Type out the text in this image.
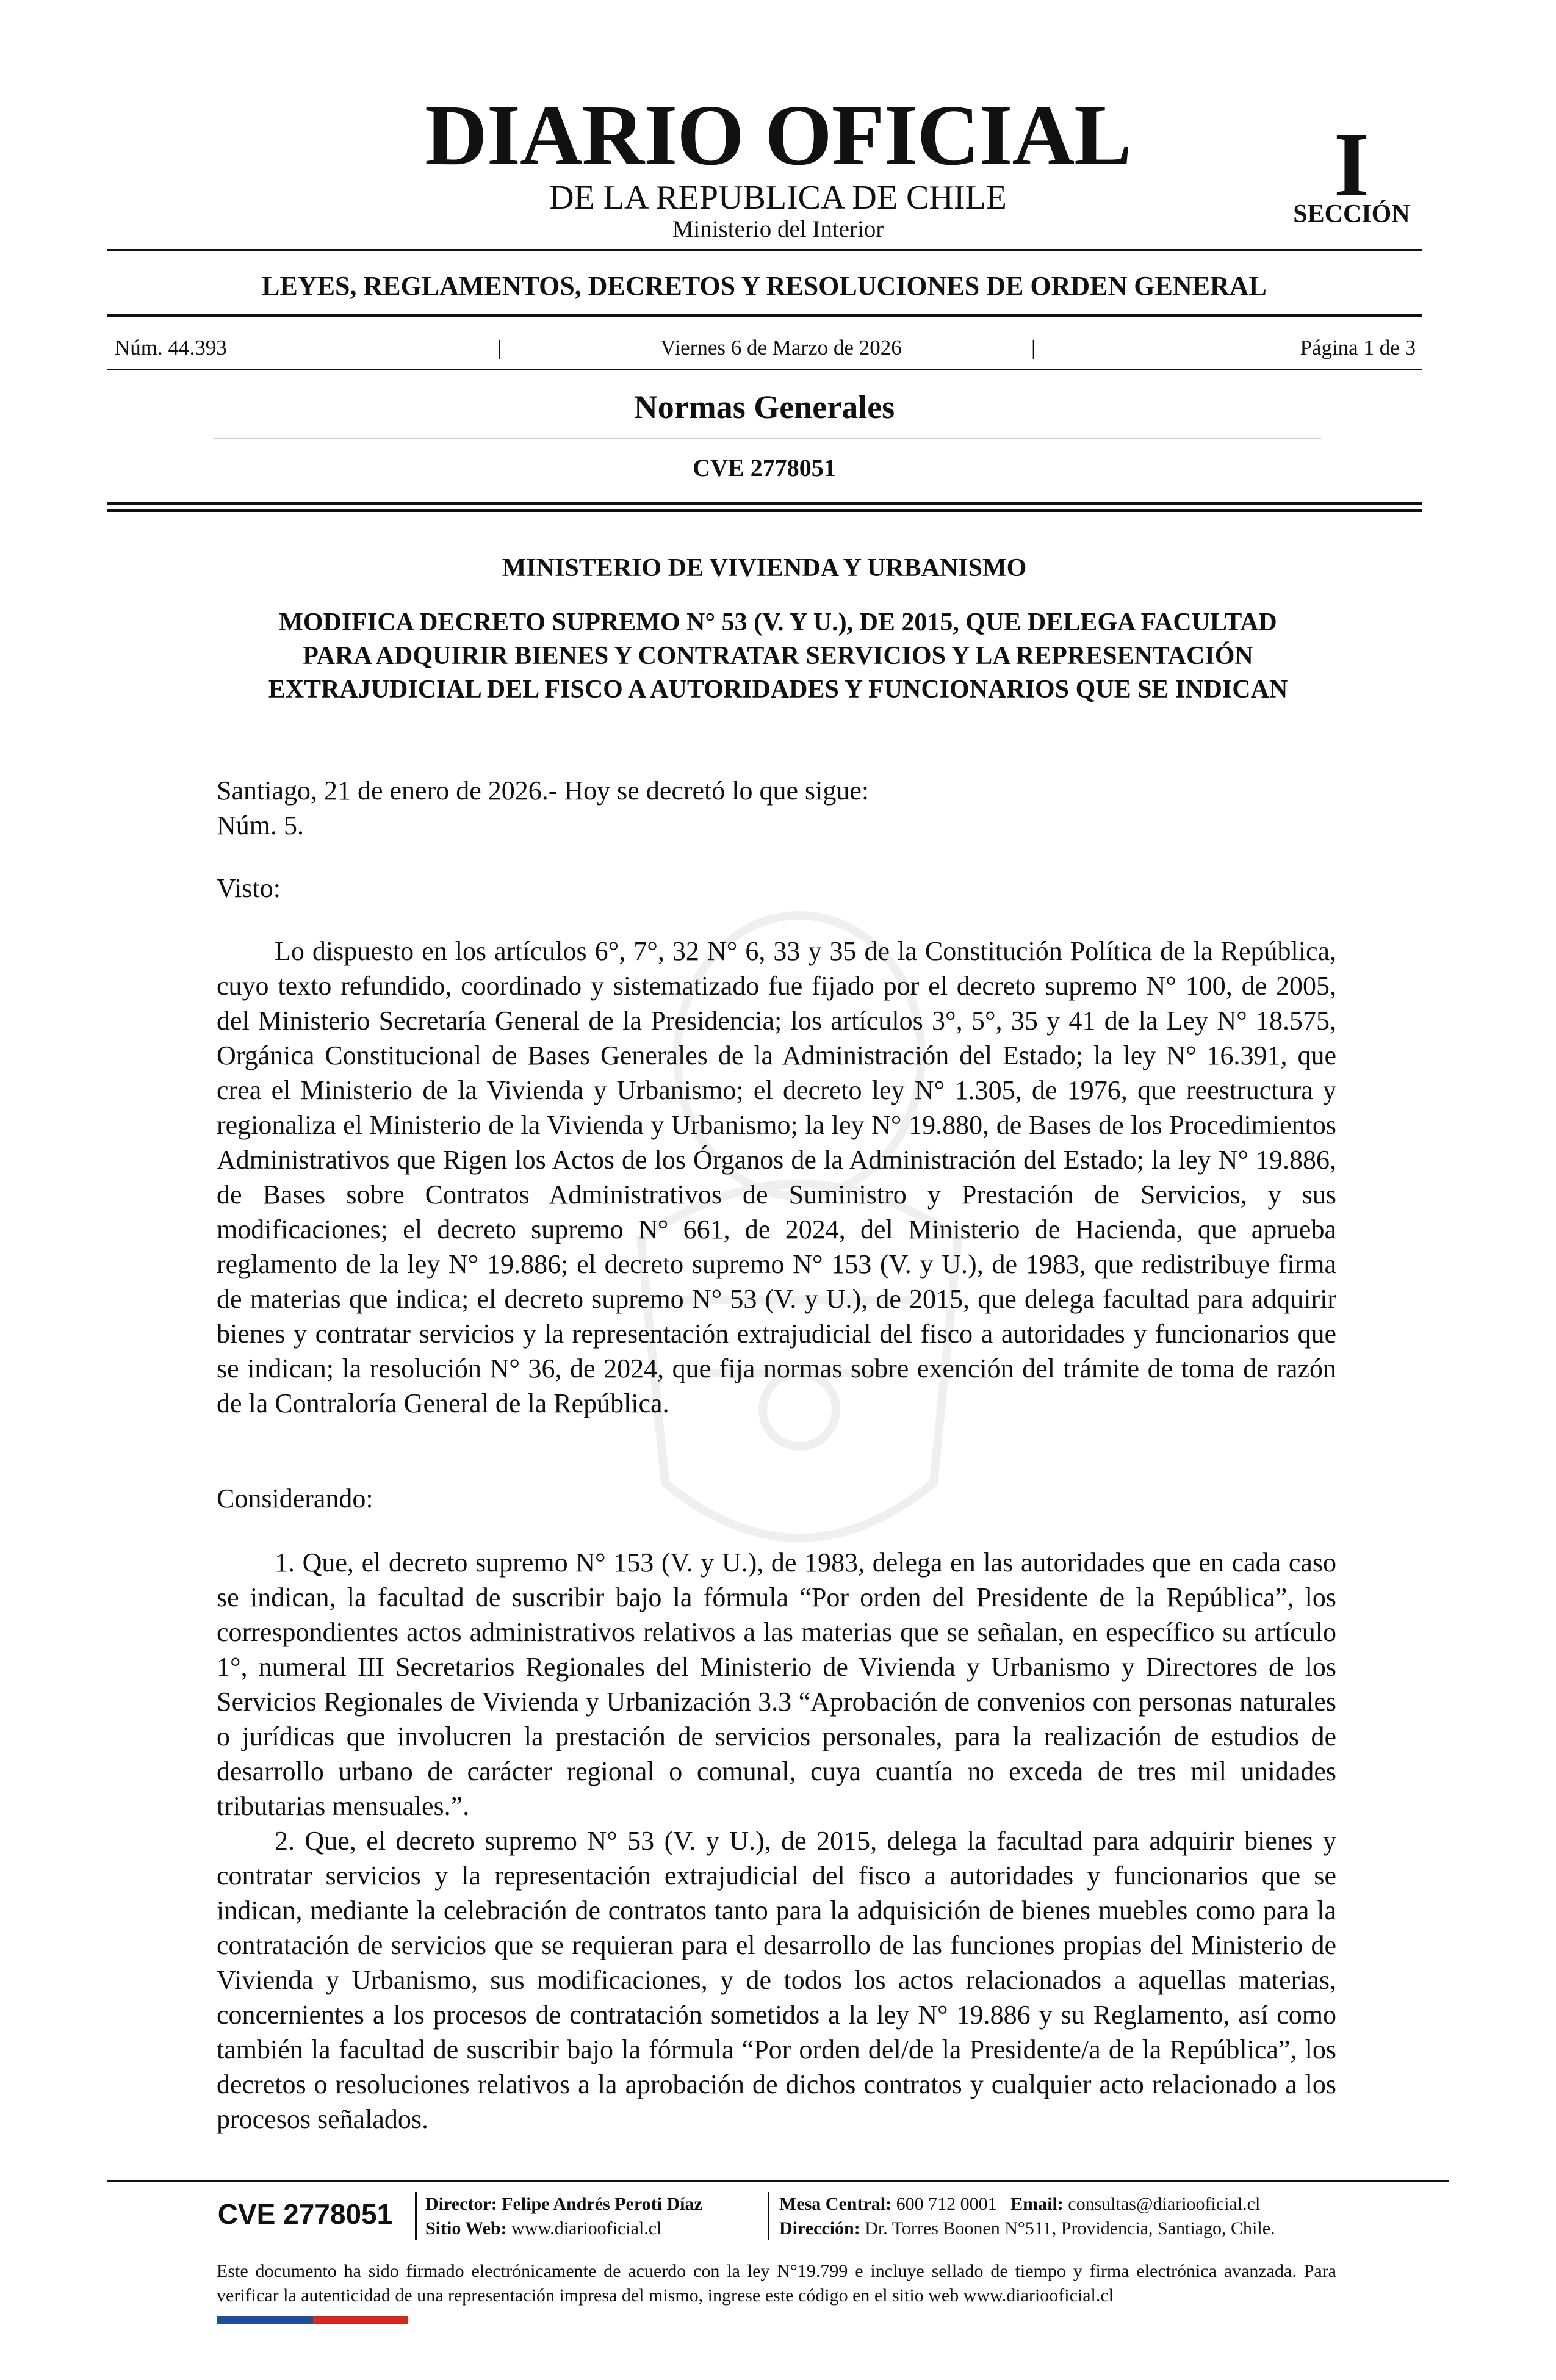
DIARIO OFICIAL
DE LA REPUBLICA DE CHILE
Ministerio del Interior
I
SECCIÓN
LEYES, REGLAMENTOS, DECRETOS Y RESOLUCIONES DE ORDEN GENERAL
Núm. 44.393	|	Viernes 6 de Marzo de 2026	|	Página 1 de 3
Normas Generales
CVE 2778051
MINISTERIO DE VIVIENDA Y URBANISMO
MODIFICA DECRETO SUPREMO N° 53 (V. Y U.), DE 2015, QUE DELEGA FACULTAD PARA ADQUIRIR BIENES Y CONTRATAR SERVICIOS Y LA REPRESENTACIÓN EXTRAJUDICIAL DEL FISCO A AUTORIDADES Y FUNCIONARIOS QUE SE INDICAN
Santiago, 21 de enero de 2026.- Hoy se decretó lo que sigue:
Núm. 5.
Visto:

Lo dispuesto en los artículos 6°, 7°, 32 N° 6, 33 y 35 de la Constitución Política de la República, cuyo texto refundido, coordinado y sistematizado fue fijado por el decreto supremo N° 100, de 2005, del Ministerio Secretaría General de la Presidencia; los artículos 3°, 5°, 35 y 41 de la Ley N° 18.575, Orgánica Constitucional de Bases Generales de la Administración del Estado; la ley N° 16.391, que crea el Ministerio de la Vivienda y Urbanismo; el decreto ley N° 1.305, de 1976, que reestructura y regionaliza el Ministerio de la Vivienda y Urbanismo; la ley N° 19.880, de Bases de los Procedimientos Administrativos que Rigen los Actos de los Órganos de la Administración del Estado; la ley N° 19.886, de Bases sobre Contratos Administrativos de Suministro y Prestación de Servicios, y sus modificaciones; el decreto supremo N° 661, de 2024, del Ministerio de Hacienda, que aprueba reglamento de la ley N° 19.886; el decreto supremo N° 153 (V. y U.), de 1983, que redistribuye firma de materias que indica; el decreto supremo N° 53 (V. y U.), de 2015, que delega facultad para adquirir bienes y contratar servicios y la representación extrajudicial del fisco a autoridades y funcionarios que se indican; la resolución N° 36, de 2024, que fija normas sobre exención del trámite de toma de razón de la Contraloría General de la República.

Considerando:

1. Que, el decreto supremo N° 153 (V. y U.), de 1983, delega en las autoridades que en cada caso se indican, la facultad de suscribir bajo la fórmula “Por orden del Presidente de la República”, los correspondientes actos administrativos relativos a las materias que se señalan, en específico su artículo 1°, numeral III Secretarios Regionales del Ministerio de Vivienda y Urbanismo y Directores de los Servicios Regionales de Vivienda y Urbanización 3.3 “Aprobación de convenios con personas naturales o jurídicas que involucren la prestación de servicios personales, para la realización de estudios de desarrollo urbano de carácter regional o comunal, cuya cuantía no exceda de tres mil unidades tributarias mensuales.”.

2. Que, el decreto supremo N° 53 (V. y U.), de 2015, delega la facultad para adquirir bienes y contratar servicios y la representación extrajudicial del fisco a autoridades y funcionarios que se indican, mediante la celebración de contratos tanto para la adquisición de bienes muebles como para la contratación de servicios que se requieran para el desarrollo de las funciones propias del Ministerio de Vivienda y Urbanismo, sus modificaciones, y de todos los actos relacionados a aquellas materias, concernientes a los procesos de contratación sometidos a la ley N° 19.886 y su Reglamento, así como también la facultad de suscribir bajo la fórmula “Por orden del/de la Presidente/a de la República”, los decretos o resoluciones relativos a la aprobación de dichos contratos y cualquier acto relacionado a los procesos señalados.

CVE 2778051	Director: Felipe Andrés Peroti Díaz
Sitio Web: www.diariooficial.cl
Mesa Central: 600 712 0001 Email: consultas@diariooficial.cl
Dirección: Dr. Torres Boonen N°511, Providencia, Santiago, Chile.
Este documento ha sido firmado electrónicamente de acuerdo con la ley N°19.799 e incluye sellado de tiempo y firma electrónica avanzada. Para verificar la autenticidad de una representación impresa del mismo, ingrese este código en el sitio web www.diariooficial.cl
